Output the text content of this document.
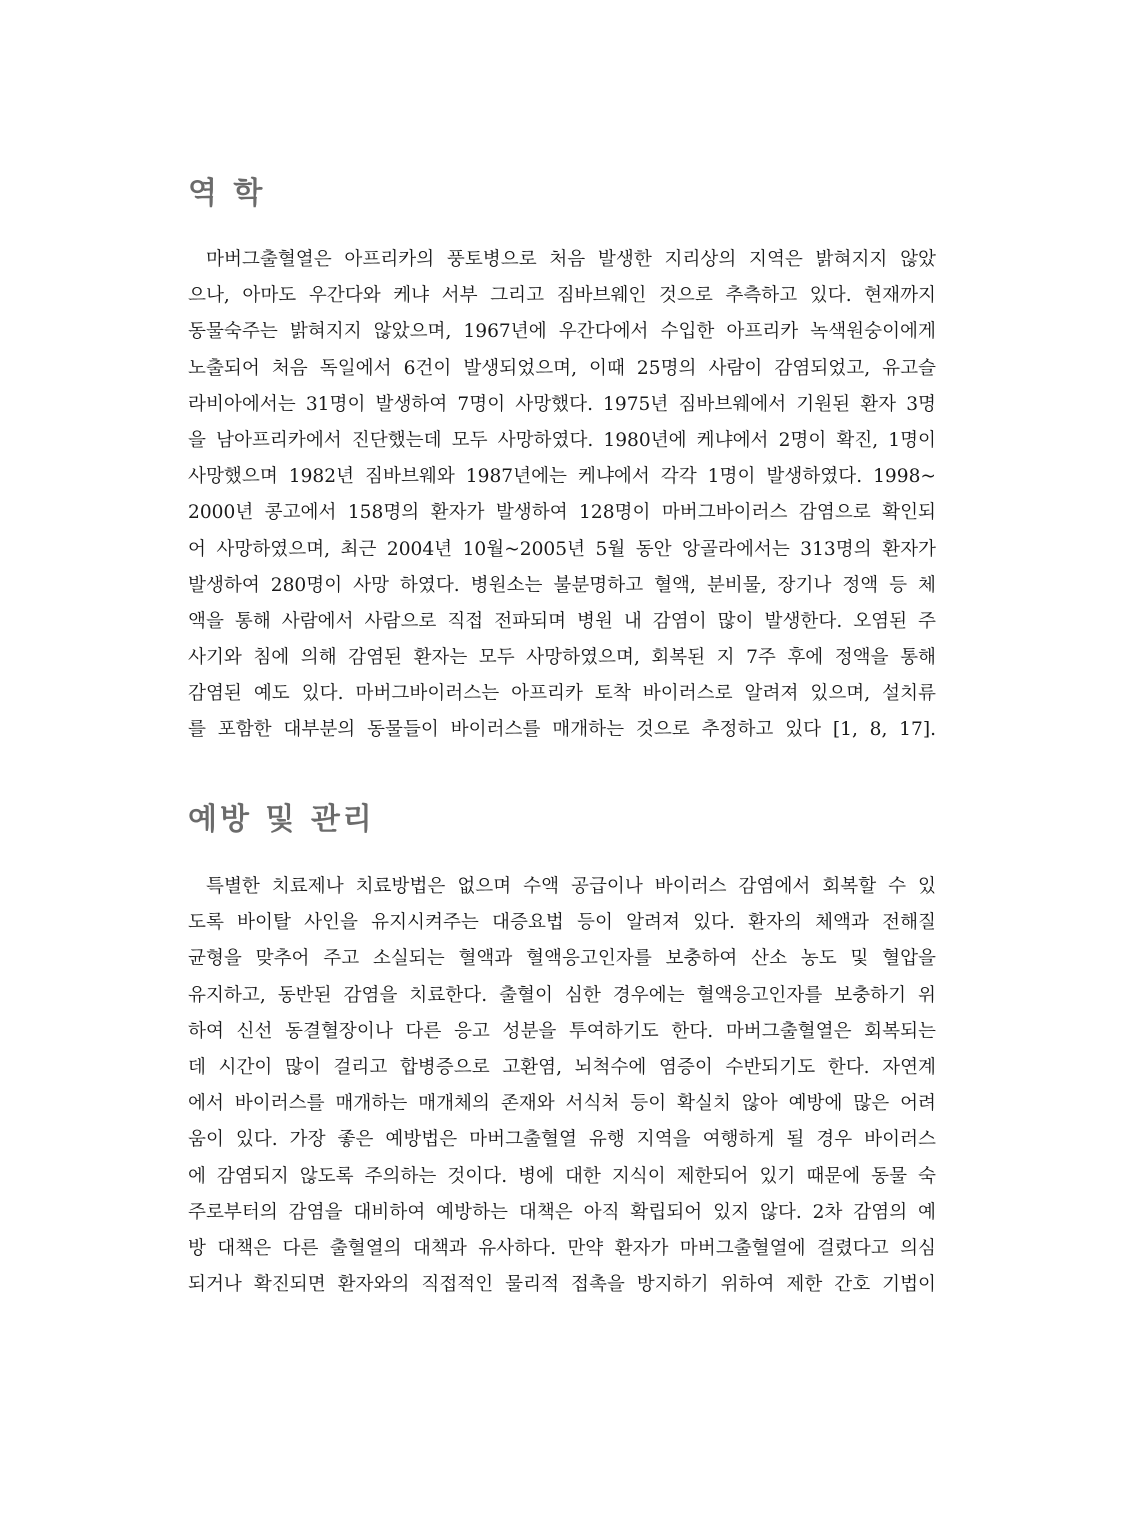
역 학
마버그출혈열은 아프리카의 풍토병으로 처음 발생한 지리상의 지역은 밝혀지지 않았
으나, 아마도 우간다와 케냐 서부 그리고 짐바브웨인 것으로 추측하고 있다. 현재까지
동물숙주는 밝혀지지 않았으며, 1967년에 우간다에서 수입한 아프리카 녹색원숭이에게
노출되어 처음 독일에서 6건이 발생되었으며, 이때 25명의 사람이 감염되었고, 유고슬
라비아에서는 31명이 발생하여 7명이 사망했다. 1975년 짐바브웨에서 기원된 환자 3명
을 남아프리카에서 진단했는데 모두 사망하였다. 1980년에 케냐에서 2명이 확진, 1명이
사망했으며 1982년 짐바브웨와 1987년에는 케냐에서 각각 1명이 발생하였다. 1998~
2000년 콩고에서 158명의 환자가 발생하여 128명이 마버그바이러스 감염으로 확인되
어 사망하였으며, 최근 2004년 10월~2005년 5월 동안 앙골라에서는 313명의 환자가
발생하여 280명이 사망 하였다. 병원소는 불분명하고 혈액, 분비물, 장기나 정액 등 체
액을 통해 사람에서 사람으로 직접 전파되며 병원 내 감염이 많이 발생한다. 오염된 주
사기와 침에 의해 감염된 환자는 모두 사망하였으며, 회복된 지 7주 후에 정액을 통해
감염된 예도 있다. 마버그바이러스는 아프리카 토착 바이러스로 알려져 있으며, 설치류
를 포함한 대부분의 동물들이 바이러스를 매개하는 것으로 추정하고 있다 [1, 8, 17].
예방 및 관리
특별한 치료제나 치료방법은 없으며 수액 공급이나 바이러스 감염에서 회복할 수 있
도록 바이탈 사인을 유지시켜주는 대증요법 등이 알려져 있다. 환자의 체액과 전해질
균형을 맞추어 주고 소실되는 혈액과 혈액응고인자를 보충하여 산소 농도 및 혈압을
유지하고, 동반된 감염을 치료한다. 출혈이 심한 경우에는 혈액응고인자를 보충하기 위
하여 신선 동결혈장이나 다른 응고 성분을 투여하기도 한다. 마버그출혈열은 회복되는
데 시간이 많이 걸리고 합병증으로 고환염, 뇌척수에 염증이 수반되기도 한다. 자연계
에서 바이러스를 매개하는 매개체의 존재와 서식처 등이 확실치 않아 예방에 많은 어려
움이 있다. 가장 좋은 예방법은 마버그출혈열 유행 지역을 여행하게 될 경우 바이러스
에 감염되지 않도록 주의하는 것이다. 병에 대한 지식이 제한되어 있기 때문에 동물 숙
주로부터의 감염을 대비하여 예방하는 대책은 아직 확립되어 있지 않다. 2차 감염의 예
방 대책은 다른 출혈열의 대책과 유사하다. 만약 환자가 마버그출혈열에 걸렸다고 의심
되거나 확진되면 환자와의 직접적인 물리적 접촉을 방지하기 위하여 제한 간호 기법이
